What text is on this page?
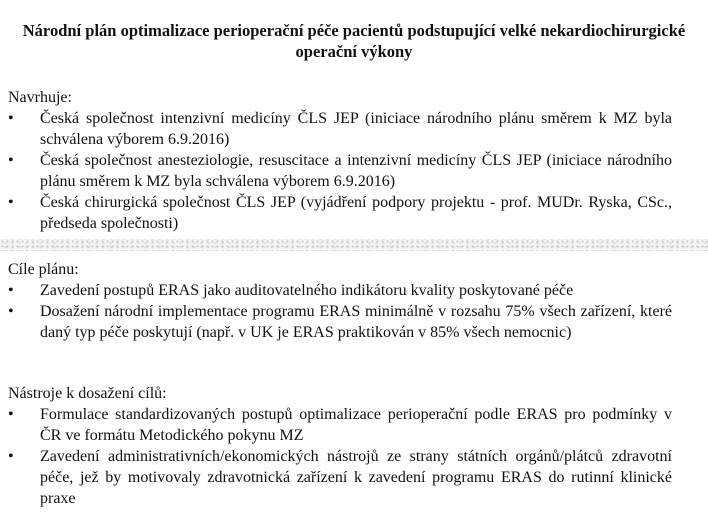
Národní plán optimalizace perioperační péče pacientů podstupující velké nekardiochirurgické operační výkony
Navrhuje:
• Česká společnost intenzivní medicíny ČLS JEP (iniciace národního plánu směrem k MZ byla schválena výborem 6.9.2016)
• Česká společnost anesteziologie, resuscitace a intenzivní medicíny ČLS JEP (iniciace národního plánu směrem k MZ byla schválena výborem 6.9.2016)
• Česká chirurgická společnost ČLS JEP (vyjádření podpory projektu - prof. MUDr. Ryska, CSc., předseda společnosti)
Cíle plánu:
• Zavedení postupů ERAS jako auditovatelného indikátoru kvality poskytované péče
• Dosažení národní implementace programu ERAS minimálně v rozsahu 75% všech zařízení, které daný typ péče poskytují (např. v UK je ERAS praktikován v 85% všech nemocnic)
Nástroje k dosažení cílů:
• Formulace standardizovaných postupů optimalizace perioperační podle ERAS pro podmínky v ČR ve formátu Metodického pokynu MZ
• Zavedení administrativních/ekonomických nástrojů ze strany státních orgánů/plátců zdravotní péče, jež by motivovaly zdravotnická zařízení k zavedení programu ERAS do rutinní klinické praxe
